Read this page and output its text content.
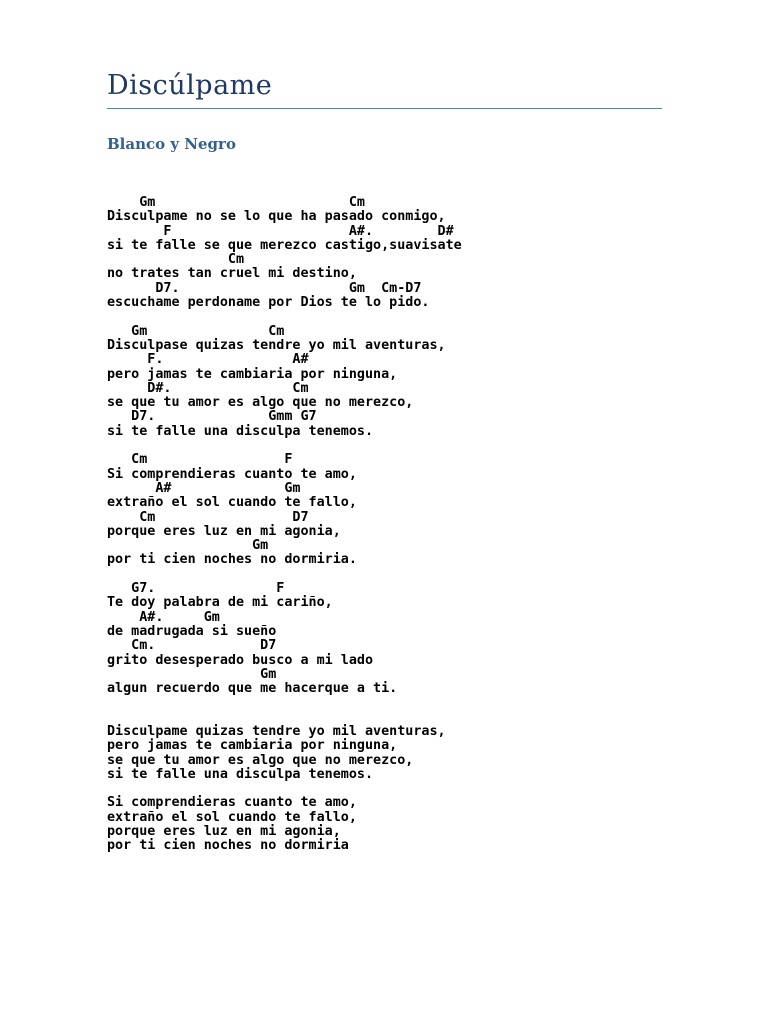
Discúlpame
Blanco y Negro
Gm                        Cm
Disculpame no se lo que ha pasado conmigo,
F                      A#.        D#
si te falle se que merezco castigo,suavisate
Cm
no trates tan cruel mi destino,
D7.                     Gm  Cm-D7
escuchame perdoname por Dios te lo pido.
Gm               Cm
Disculpase quizas tendre yo mil aventuras,
F.                A#
pero jamas te cambiaria por ninguna,
D#.               Cm
se que tu amor es algo que no merezco,
D7.              Gmm G7
si te falle una disculpa tenemos.
Cm                 F
Si comprendieras cuanto te amo,
A#              Gm
extraño el sol cuando te fallo,
Cm                 D7
porque eres luz en mi agonia,
Gm
por ti cien noches no dormiria.
G7.               F
Te doy palabra de mi cariño,
A#.     Gm
de madrugada si sueño
Cm.             D7
grito desesperado busco a mi lado
Gm
algun recuerdo que me hacerque a ti.
Disculpame quizas tendre yo mil aventuras,
pero jamas te cambiaria por ninguna,
se que tu amor es algo que no merezco,
si te falle una disculpa tenemos.
Si comprendieras cuanto te amo,
extraño el sol cuando te fallo,
porque eres luz en mi agonia,
por ti cien noches no dormiria
